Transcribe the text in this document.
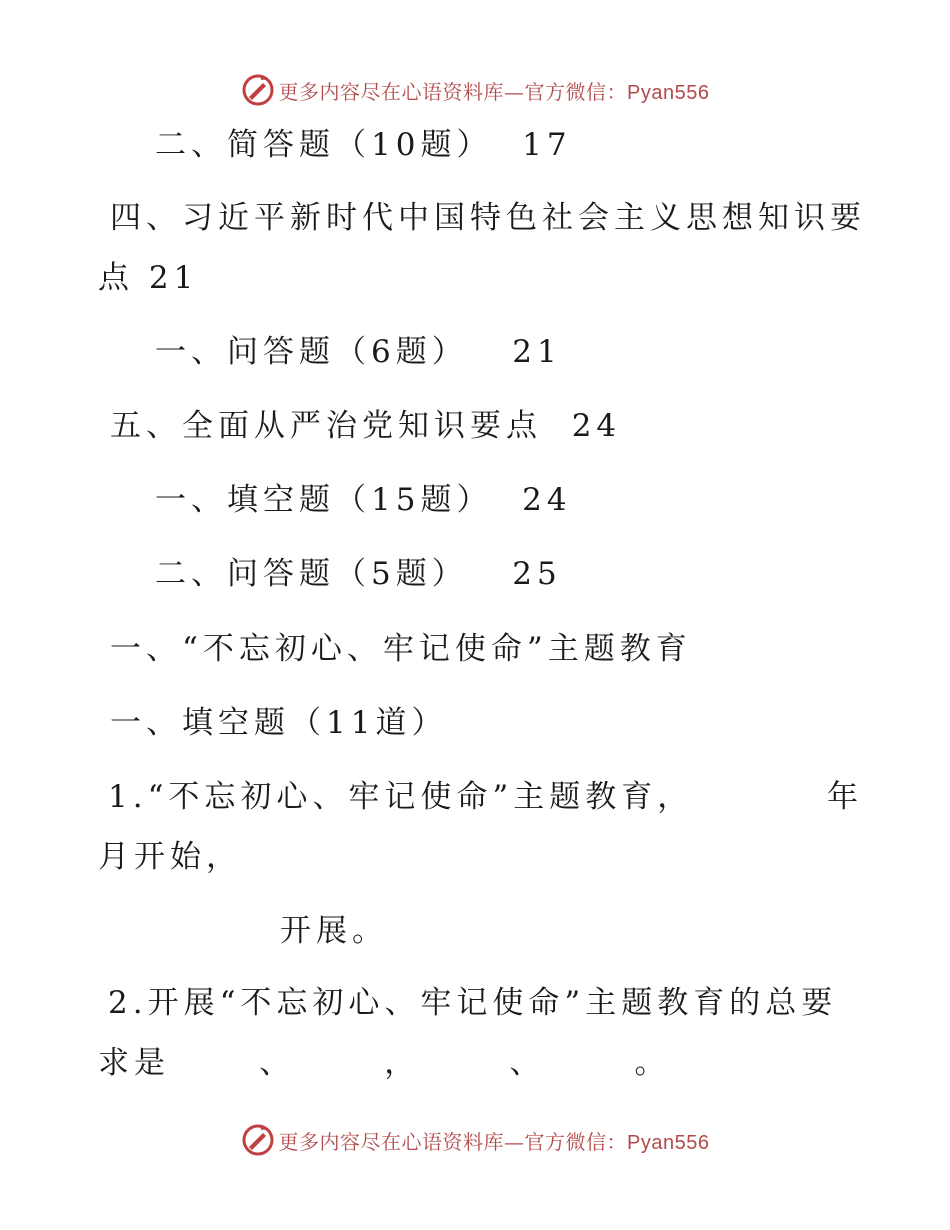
更多内容尽在心语资料库—官方微信：Pyan556
二、简答题（10题）  17
四、习近平新时代中国特色社会主义思想知识要
点 21
一、问答题（6题）   21
五、全面从严治党知识要点  24
一、填空题（15题）  24
二、问答题（5题）   25
一、“不忘初心、牢记使命”主题教育
一、填空题（11道）
1.“不忘初心、牢记使命”主题教育，         年
月开始，
开展。
2.开展“不忘初心、牢记使命”主题教育的总要
求是      、      ，      、      。
更多内容尽在心语资料库—官方微信：Pyan556
